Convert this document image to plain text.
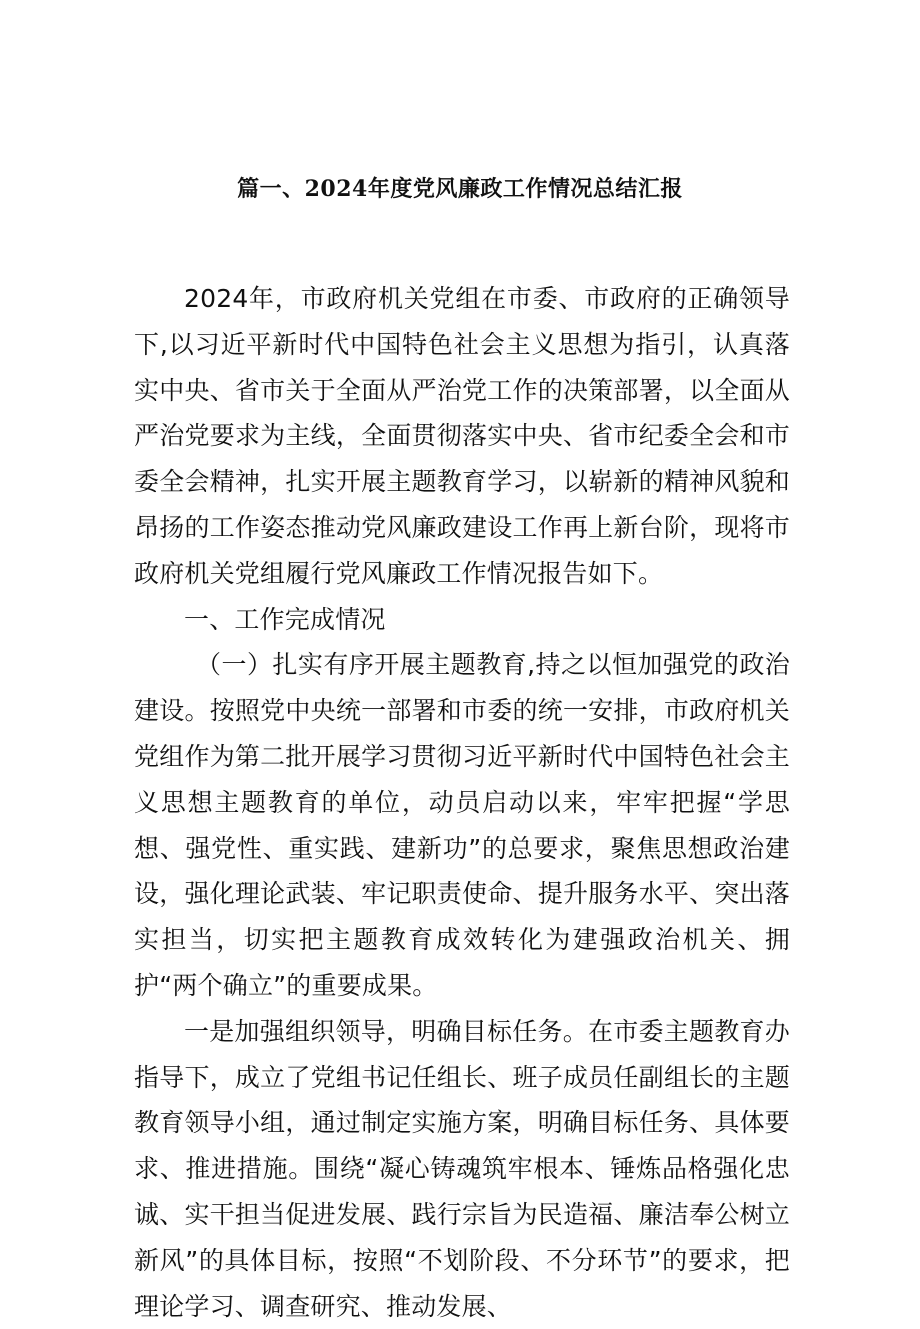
篇一、2024年度党风廉政工作情况总结汇报

2024年，市政府机关党组在市委、市政府的正确领导下,以习近平新时代中国特色社会主义思想为指引，认真落实中央、省市关于全面从严治党工作的决策部署，以全面从严治党要求为主线，全面贯彻落实中央、省市纪委全会和市委全会精神，扎实开展主题教育学习，以崭新的精神风貌和昂扬的工作姿态推动党风廉政建设工作再上新台阶，现将市政府机关党组履行党风廉政工作情况报告如下。

一、工作完成情况

（一）扎实有序开展主题教育,持之以恒加强党的政治建设。按照党中央统一部署和市委的统一安排，市政府机关党组作为第二批开展学习贯彻习近平新时代中国特色社会主义思想主题教育的单位，动员启动以来，牢牢把握“学思想、强党性、重实践、建新功”的总要求，聚焦思想政治建设，强化理论武装、牢记职责使命、提升服务水平、突出落实担当，切实把主题教育成效转化为建强政治机关、拥护“两个确立”的重要成果。

一是加强组织领导，明确目标任务。在市委主题教育办指导下，成立了党组书记任组长、班子成员任副组长的主题教育领导小组，通过制定实施方案，明确目标任务、具体要求、推进措施。围绕“凝心铸魂筑牢根本、锤炼品格强化忠诚、实干担当促进发展、践行宗旨为民造福、廉洁奉公树立新风”的具体目标，按照“不划阶段、不分环节”的要求，把理论学习、调查研究、推动发展、
